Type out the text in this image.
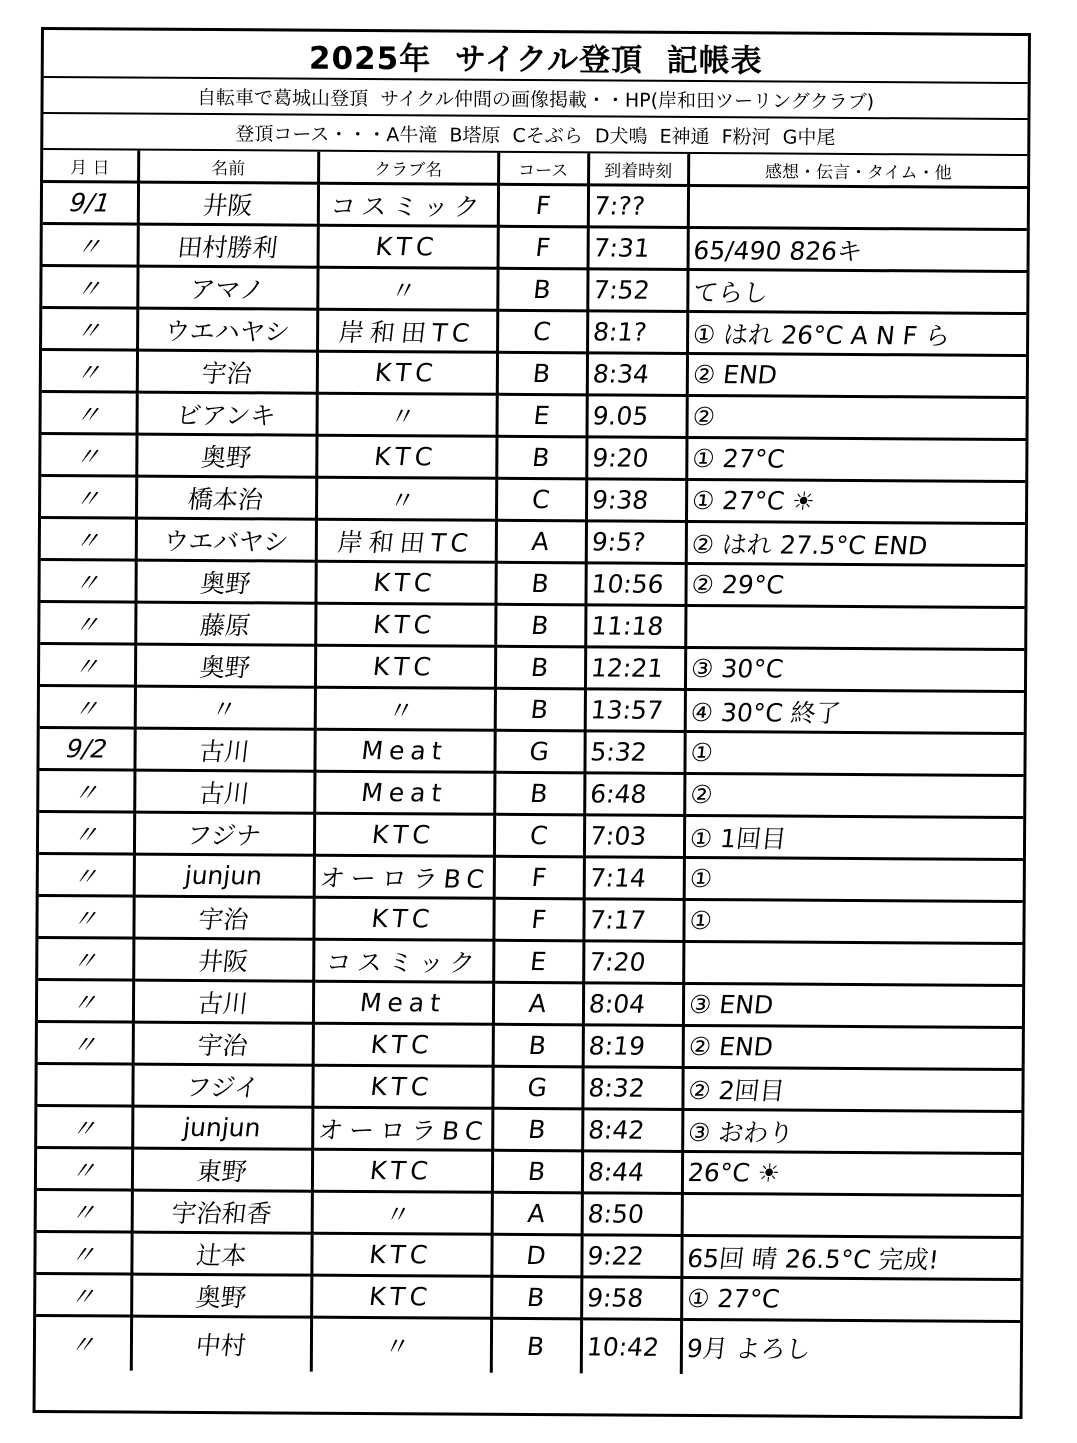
2025年  サイクル登頂  記帳表
自転車で葛城山登頂  サイクル仲間の画像掲載・・HP(岸和田ツーリングクラブ)
登頂コース・・・A牛滝  B塔原  Cそぶら  D犬鳴  E神通  F粉河  G中尾
月 日	名前	クラブ名	コース	到着時刻	感想・伝言・タイム・他
9/1	井阪	コスミック	F	7:??	
〃	田村勝利	KTC	F	7:31	65/490 826キ
〃	アマノ	〃	B	7:52	てらし
〃	ウエハヤシ	岸和田TC	C	8:1?	① はれ 26°C A N F ら
〃	宇治	KTC	B	8:34	② END
〃	ビアンキ	〃	E	9.05	②
〃	奥野	KTC	B	9:20	① 27°C
〃	橋本治	〃	C	9:38	① 27°C ☀
〃	ウエバヤシ	岸和田TC	A	9:5?	② はれ 27.5°C END
〃	奥野	KTC	B	10:56	② 29°C
〃	藤原	KTC	B	11:18	
〃	奥野	KTC	B	12:21	③ 30°C
〃	〃	〃	B	13:57	④ 30°C 終了
9/2	古川	Meat	G	5:32	①
〃	古川	Meat	B	6:48	②
〃	フジナ	KTC	C	7:03	① 1回目
〃	junjun	オーロラBC	F	7:14	①
〃	宇治	KTC	F	7:17	①
〃	井阪	コスミック	E	7:20	
〃	古川	Meat	A	8:04	③ END
〃	宇治	KTC	B	8:19	② END
	フジイ	KTC	G	8:32	② 2回目
〃	junjun	オーロラBC	B	8:42	③ おわり
〃	東野	KTC	B	8:44	26°C ☀
〃	宇治和香	〃	A	8:50	
〃	辻本	KTC	D	9:22	65回 晴 26.5°C 完成!
〃	奥野	KTC	B	9:58	① 27°C
〃	中村	〃	B	10:42	9月 よろし
